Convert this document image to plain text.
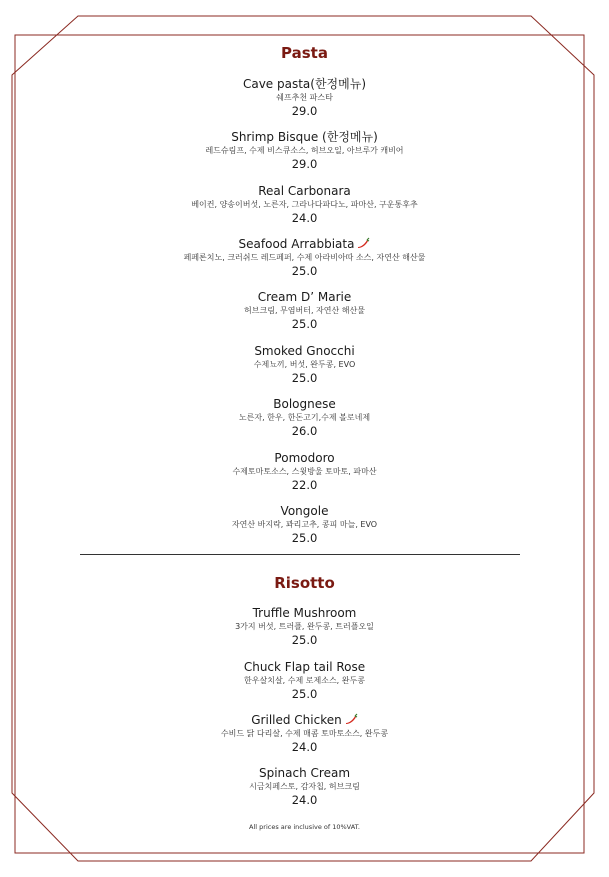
Pasta
Cave pasta(한정메뉴)
쉐프추천 파스타
29.0
Shrimp Bisque (한정메뉴)
레드슈림프, 수제 비스큐소스, 허브오일, 아브루가 캐비어
29.0
Real Carbonara
베이컨, 양송이버섯, 노른자, 그라나다파다노, 파마산, 구운통후추
24.0
Seafood Arrabbiata
페페론치노, 크러쉬드 레드페퍼, 수제 아라비아따 소스, 자연산 해산물
25.0
Cream D’ Marie
허브크림, 무염버터, 자연산 해산물
25.0
Smoked Gnocchi
수제뇨끼, 버섯, 완두콩, EVO
25.0
Bolognese
노른자, 한우, 한돈고기,수제 볼로네제
26.0
Pomodoro
수제토마토소스, 스윗방울 토마토, 파마산
22.0
Vongole
자연산 바지락, 꽈리고추, 콩피 마늘, EVO
25.0
Risotto
Truffle Mushroom
3가지 버섯, 트러플, 완두콩, 트러플오일
25.0
Chuck Flap tail Rose
한우살치살, 수제 로제소스, 완두콩
25.0
Grilled Chicken
수비드 닭 다리살, 수제 매콤 토마토소스, 완두콩
24.0
Spinach Cream
시금치페스토, 감자칩, 허브크림
24.0
All prices are inclusive of 10%VAT.
